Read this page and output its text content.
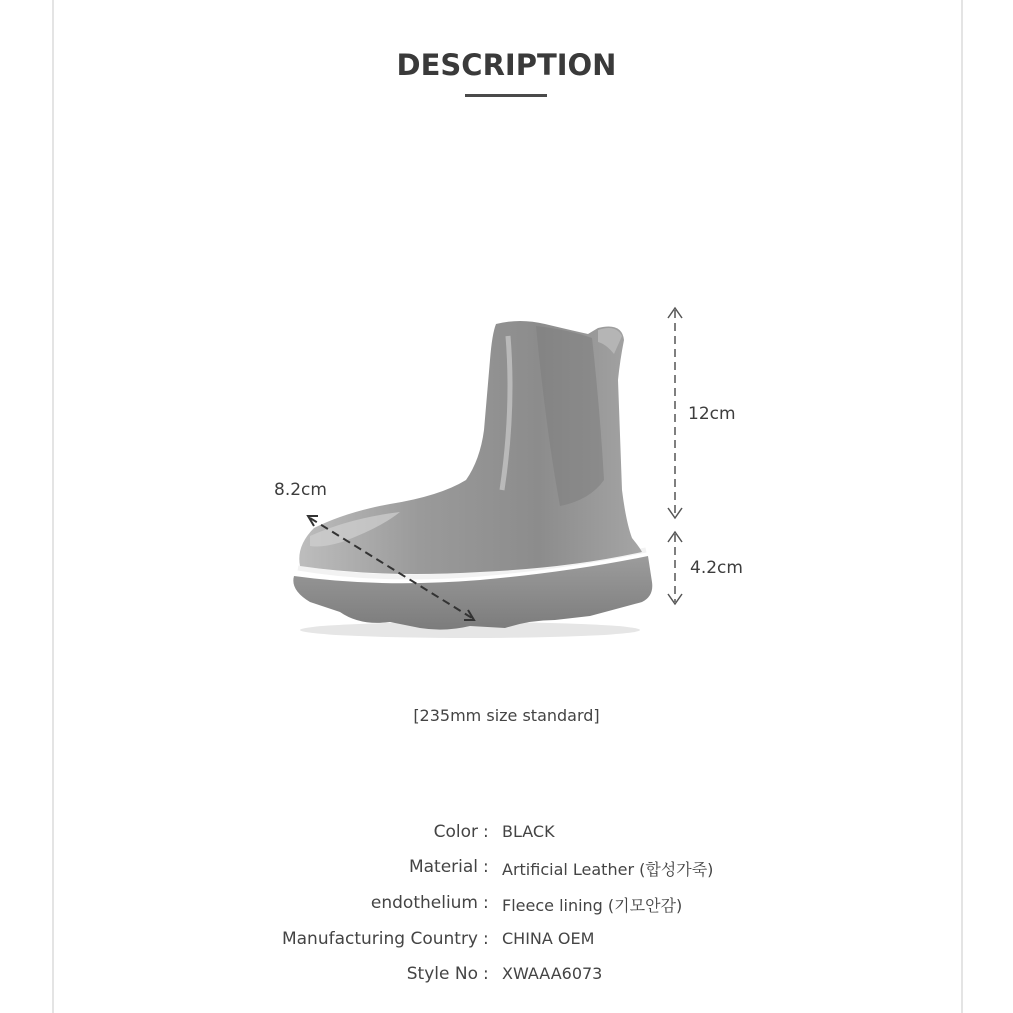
DESCRIPTION
12cm
4.2cm
8.2cm
[235mm size standard]
Color : BLACK
Material : Artificial Leather (합성가죽)
endothelium : Fleece lining (기모안감)
Manufacturing Country : CHINA OEM
Style No : XWAAA6073
